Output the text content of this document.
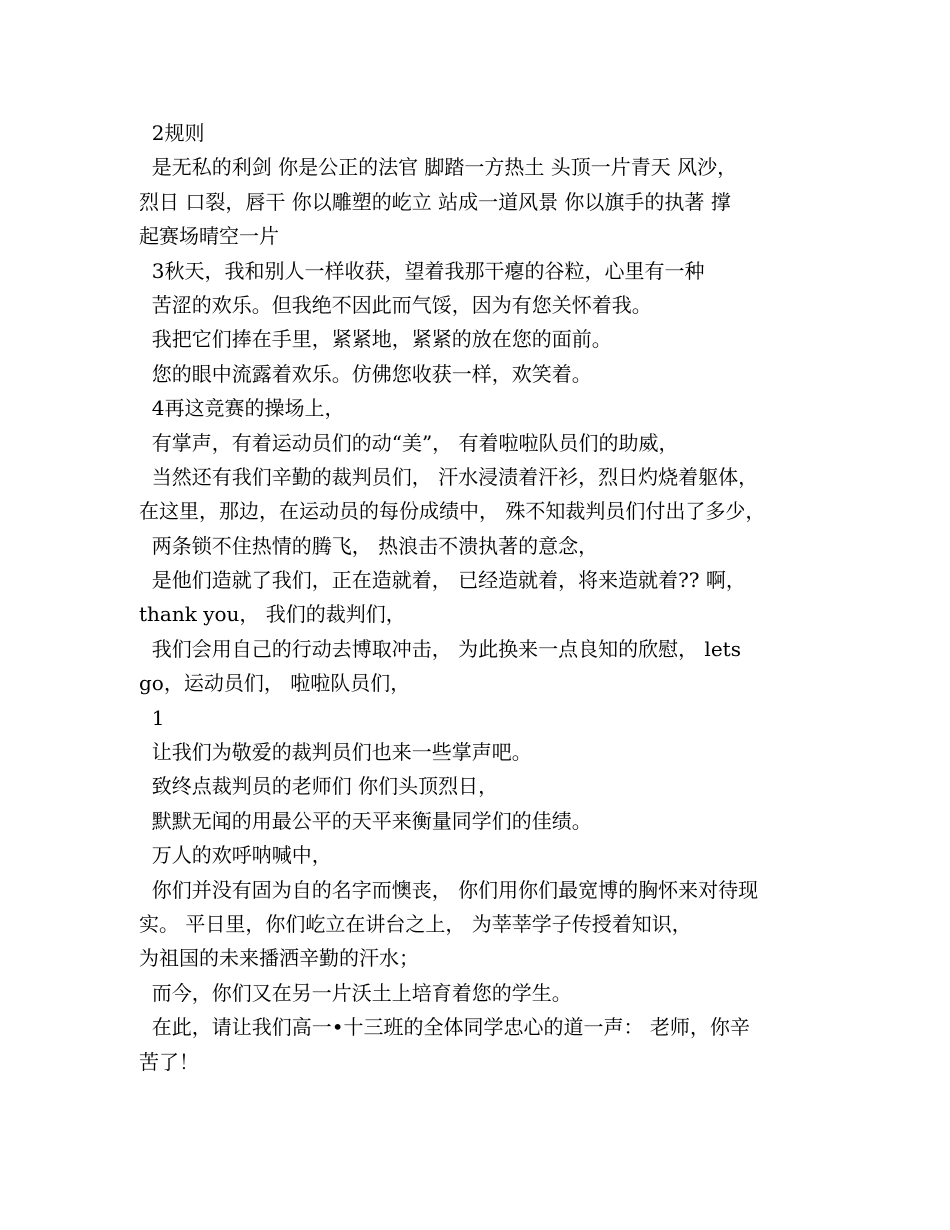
2规则
是无私的利剑 你是公正的法官 脚踏一方热土 头顶一片青天 风沙，
烈日 口裂，唇干 你以雕塑的屹立 站成一道风景 你以旗手的执著 撑
起赛场晴空一片
3秋天，我和别人一样收获，望着我那干瘪的谷粒，心里有一种
苦涩的欢乐。但我绝不因此而气馁，因为有您关怀着我。
我把它们捧在手里，紧紧地，紧紧的放在您的面前。
您的眼中流露着欢乐。仿佛您收获一样，欢笑着。
4再这竞赛的操场上，
有掌声，有着运动员们的动“美”， 有着啦啦队员们的助威，
当然还有我们辛勤的裁判员们， 汗水浸渍着汗衫，烈日灼烧着躯体，
在这里，那边，在运动员的每份成绩中， 殊不知裁判员们付出了多少，
两条锁不住热情的腾飞， 热浪击不溃执著的意念，
是他们造就了我们，正在造就着， 已经造就着，将来造就着?? 啊，
thank you， 我们的裁判们，
我们会用自己的行动去博取冲击， 为此换来一点良知的欣慰， lets
go，运动员们， 啦啦队员们，
1
让我们为敬爱的裁判员们也来一些掌声吧。
致终点裁判员的老师们 你们头顶烈日，
默默无闻的用最公平的天平来衡量同学们的佳绩。
万人的欢呼呐喊中，
你们并没有固为自的名字而懊丧， 你们用你们最宽博的胸怀来对待现
实。 平日里，你们屹立在讲台之上， 为莘莘学子传授着知识，
为祖国的未来播洒辛勤的汗水；
而今，你们又在另一片沃土上培育着您的学生。
在此，请让我们高一•十三班的全体同学忠心的道一声： 老师，你辛
苦了！
